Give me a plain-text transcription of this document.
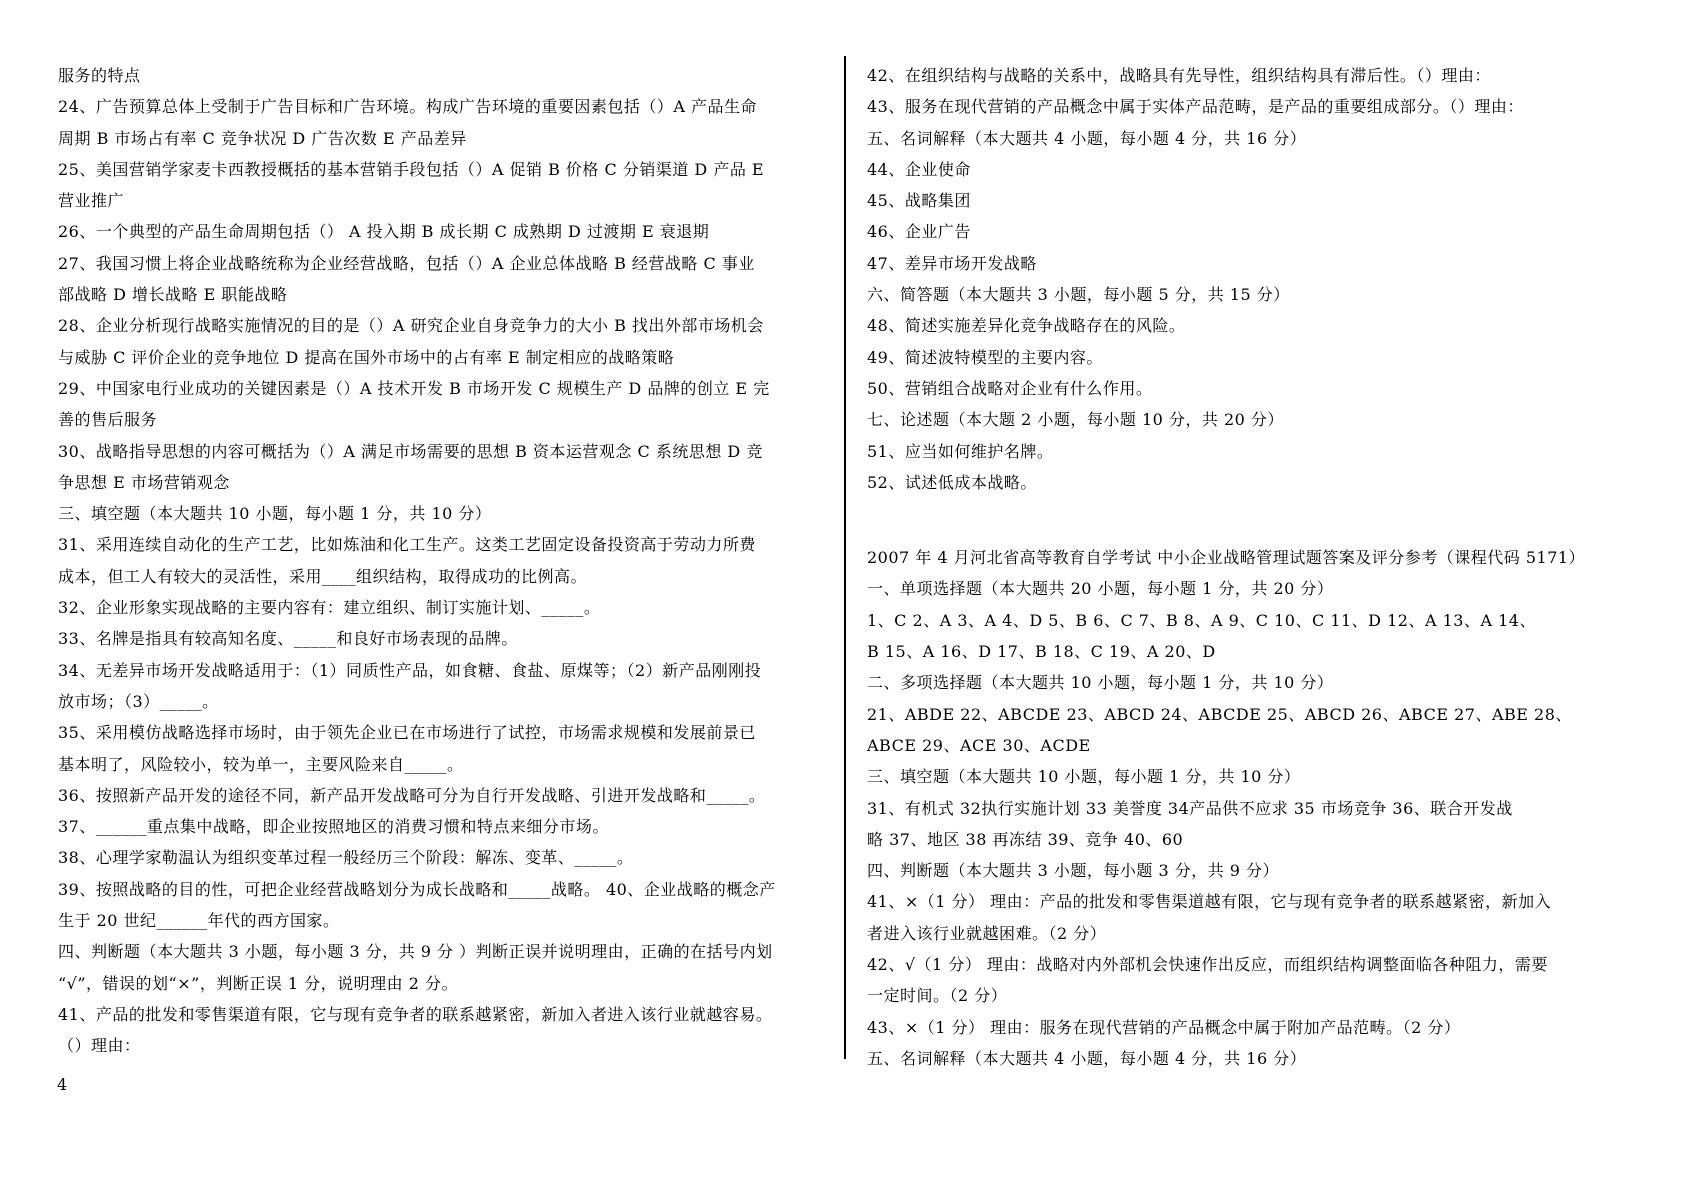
服务的特点
24、广告预算总体上受制于广告目标和广告环境。构成广告环境的重要因素包括（）A 产品生命
周期 B 市场占有率 C 竞争状况 D 广告次数 E 产品差异
25、美国营销学家麦卡西教授概括的基本营销手段包括（）A 促销 B 价格 C 分销渠道 D 产品 E
营业推广
26、一个典型的产品生命周期包括（） A 投入期 B 成长期 C 成熟期 D 过渡期 E 衰退期
27、我国习惯上将企业战略统称为企业经营战略，包括（）A 企业总体战略 B 经营战略 C 事业
部战略 D 增长战略 E 职能战略
28、企业分析现行战略实施情况的目的是（）A 研究企业自身竞争力的大小 B 找出外部市场机会
与威胁 C 评价企业的竞争地位 D 提高在国外市场中的占有率 E 制定相应的战略策略
29、中国家电行业成功的关键因素是（）A 技术开发 B 市场开发 C 规模生产 D 品牌的创立 E 完
善的售后服务
30、战略指导思想的内容可概括为（）A 满足市场需要的思想 B 资本运营观念 C 系统思想 D 竞
争思想 E 市场营销观念
三、填空题（本大题共 10 小题，每小题 1 分，共 10 分）
31、采用连续自动化的生产工艺，比如炼油和化工生产。这类工艺固定设备投资高于劳动力所费
成本，但工人有较大的灵活性，采用____组织结构，取得成功的比例高。
32、企业形象实现战略的主要内容有：建立组织、制订实施计划、_____。
33、名牌是指具有较高知名度、_____和良好市场表现的品牌。
34、无差异市场开发战略适用于：（1）同质性产品，如食糖、食盐、原煤等；（2）新产品刚刚投
放市场；（3）_____。
35、采用模仿战略选择市场时，由于领先企业已在市场进行了试控，市场需求规模和发展前景已
基本明了，风险较小，较为单一，主要风险来自_____。
36、按照新产品开发的途径不同，新产品开发战略可分为自行开发战略、引进开发战略和_____。
37、______重点集中战略，即企业按照地区的消费习惯和特点来细分市场。
38、心理学家勒温认为组织变革过程一般经历三个阶段：解冻、变革、_____。
39、按照战略的目的性，可把企业经营战略划分为成长战略和_____战略。 40、企业战略的概念产
生于 20 世纪______年代的西方国家。
四、判断题（本大题共 3 小题，每小题 3 分，共 9 分 ）判断正误并说明理由，正确的在括号内划
“√”，错误的划“×”，判断正误 1 分，说明理由 2 分。
41、产品的批发和零售渠道有限，它与现有竞争者的联系越紧密，新加入者进入该行业就越容易。
（）理由：
42、在组织结构与战略的关系中，战略具有先导性，组织结构具有滞后性。（）理由：
43、服务在现代营销的产品概念中属于实体产品范畴，是产品的重要组成部分。（）理由：
五、名词解释（本大题共 4 小题，每小题 4 分，共 16 分）
44、企业使命
45、战略集团
46、企业广告
47、差异市场开发战略
六、简答题（本大题共 3 小题，每小题 5 分，共 15 分）
48、简述实施差异化竞争战略存在的风险。
49、简述波特模型的主要内容。
50、营销组合战略对企业有什么作用。
七、论述题（本大题 2 小题，每小题 10 分，共 20 分）
51、应当如何维护名牌。
52、试述低成本战略。
2007 年 4 月河北省高等教育自学考试 中小企业战略管理试题答案及评分参考（课程代码 5171）
一、单项选择题（本大题共 20 小题，每小题 1 分，共 20 分）
1、C 2、A 3、A 4、D 5、B 6、C 7、B 8、A 9、C 10、C 11、D 12、A 13、A 14、
B 15、A 16、D 17、B 18、C 19、A 20、D
二、多项选择题（本大题共 10 小题，每小题 1 分，共 10 分）
21、ABDE 22、ABCDE 23、ABCD 24、ABCDE 25、ABCD 26、ABCE 27、ABE 28、
ABCE 29、ACE 30、ACDE
三、填空题（本大题共 10 小题，每小题 1 分，共 10 分）
31、有机式 32执行实施计划 33 美誉度 34产品供不应求 35 市场竞争 36、联合开发战
略 37、地区 38 再冻结 39、竞争 40、60
四、判断题（本大题共 3 小题，每小题 3 分，共 9 分）
41、×（1 分） 理由：产品的批发和零售渠道越有限，它与现有竞争者的联系越紧密，新加入
者进入该行业就越困难。（2 分）
42、√（1 分） 理由：战略对内外部机会快速作出反应，而组织结构调整面临各种阻力，需要
一定时间。（2 分）
43、×（1 分） 理由：服务在现代营销的产品概念中属于附加产品范畴。（2 分）
五、名词解释（本大题共 4 小题，每小题 4 分，共 16 分）
4
